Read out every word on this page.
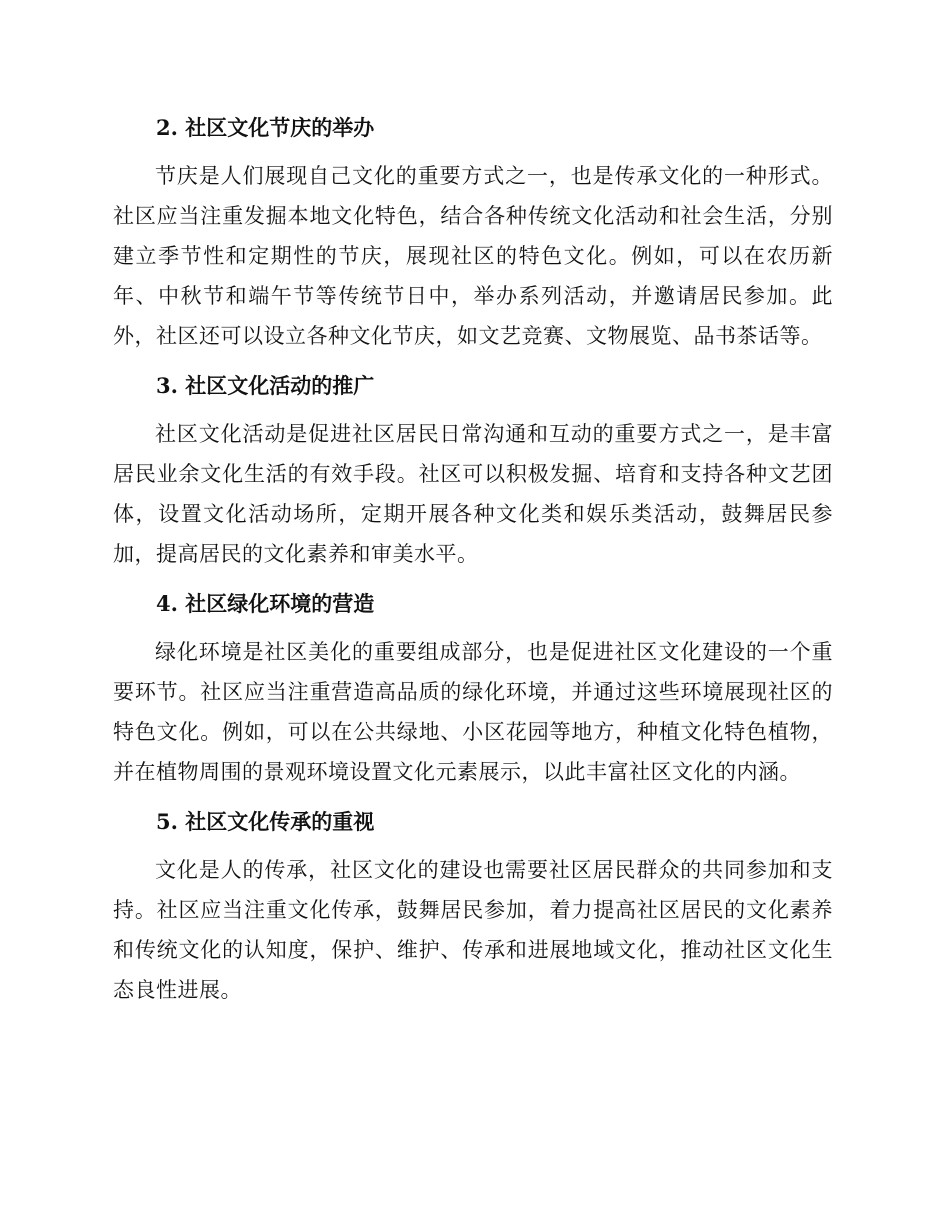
2. 社区文化节庆的举办

节庆是人们展现自己文化的重要方式之一，也是传承文化的一种形式。社区应当注重发掘本地文化特色，结合各种传统文化活动和社会生活，分别建立季节性和定期性的节庆，展现社区的特色文化。例如，可以在农历新年、中秋节和端午节等传统节日中，举办系列活动，并邀请居民参加。此外，社区还可以设立各种文化节庆，如文艺竞赛、文物展览、品书茶话等。

3. 社区文化活动的推广

社区文化活动是促进社区居民日常沟通和互动的重要方式之一，是丰富居民业余文化生活的有效手段。社区可以积极发掘、培育和支持各种文艺团体，设置文化活动场所，定期开展各种文化类和娱乐类活动，鼓舞居民参加，提高居民的文化素养和审美水平。

4. 社区绿化环境的营造

绿化环境是社区美化的重要组成部分，也是促进社区文化建设的一个重要环节。社区应当注重营造高品质的绿化环境，并通过这些环境展现社区的特色文化。例如，可以在公共绿地、小区花园等地方，种植文化特色植物，并在植物周围的景观环境设置文化元素展示，以此丰富社区文化的内涵。

5. 社区文化传承的重视

文化是人的传承，社区文化的建设也需要社区居民群众的共同参加和支持。社区应当注重文化传承，鼓舞居民参加，着力提高社区居民的文化素养和传统文化的认知度，保护、维护、传承和进展地域文化，推动社区文化生态良性进展。
